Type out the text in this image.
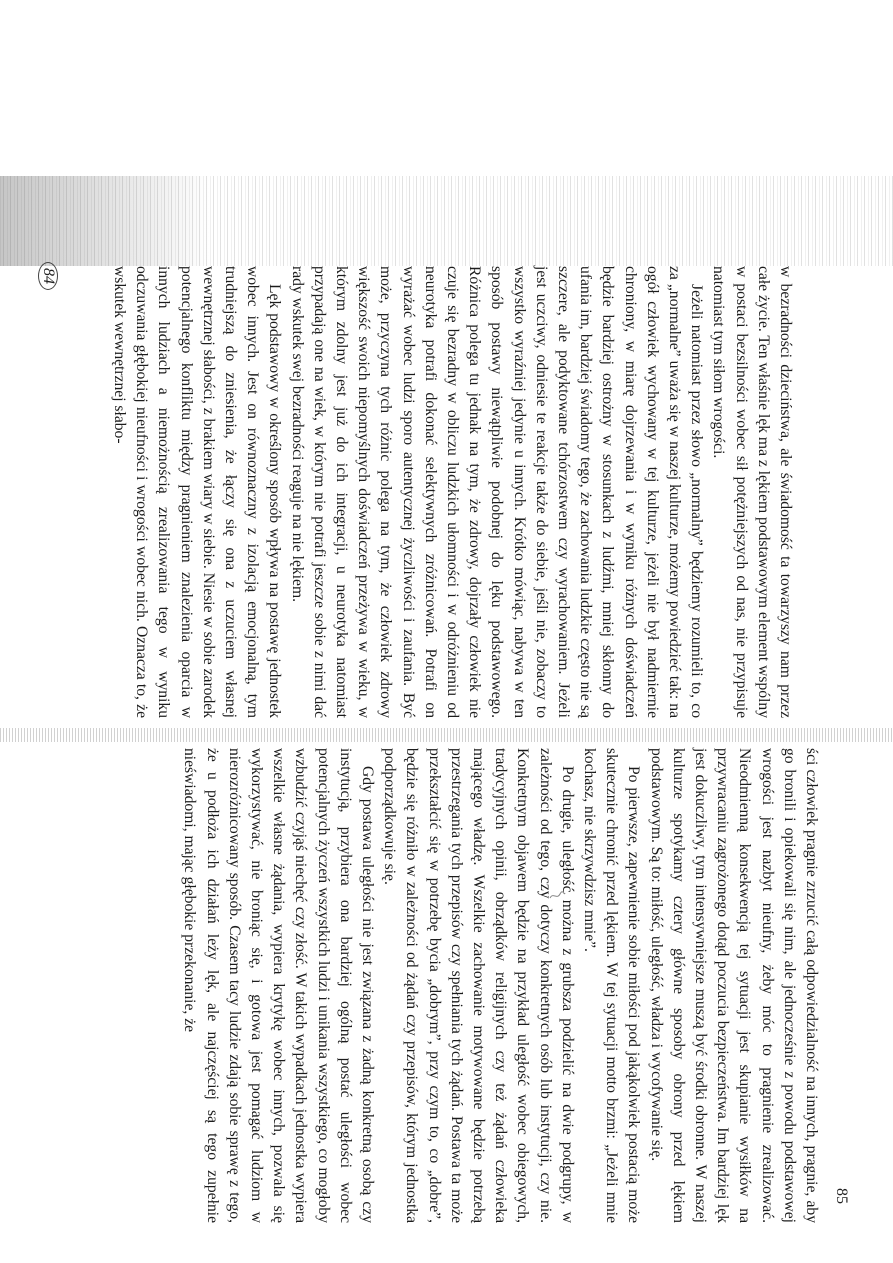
w bezradności dzieciństwa, ale świadomość ta towarzyszy nam przez całe życie. Ten właśnie lęk ma z lękiem podstawowym element wspólny w postaci bezsilności wobec sił potężniejszych od nas, nie przypisuje natomiast tym siłom wrogości.

Jeżeli natomiast przez słowo „normalny” będziemy rozumieli to, co za „normalne” uważa się w naszej kulturze, możemy powiedzieć tak: na ogół człowiek wychowany w tej kulturze, jeżeli nie był nadmiernie chroniony, w miarę dojrzewania i w wyniku różnych doświadczeń będzie bardziej ostrożny w stosunkach z ludźmi, mniej skłonny do ufania im, bardziej świadomy tego, że zachowania ludzkie często nie są szczere, ale podyktowane tchórzostwem czy wyrachowaniem. Jeżeli jest uczciwy, odniesie te reakcje także do siebie, jeśli nie, zobaczy to wszystko wyraźniej jedynie u innych. Krótko mówiąc, nabywa w ten sposób postawy niewątpliwie podobnej do lęku podstawowego. Różnica polega tu jednak na tym, że zdrowy, dojrzały człowiek nie czuje się bezradny w obliczu ludzkich ułomności i w odróżnieniu od neurotyka potrafi dokonać selektywnych zróżnicowań. Potrafi on wyrażać wobec ludzi sporo autentycznej życzliwości i zaufania. Być może, przyczyna tych różnic polega na tym, że człowiek zdrowy większość swoich niepomyślnych doświadczeń przeżywa w wieku, w którym zdolny jest już do ich integracji, u neurotyka natomiast przypadają one na wiek, w którym nie potrafi jeszcze sobie z nimi dać rady wskutek swej bezradności reaguje na nie lękiem.

Lęk podstawowy w określony sposób wpływa na postawę jednostek wobec innych. Jest on równoznaczny z izolacją emocjonalną, tym trudniejszą do zniesienia, że łączy się ona z uczuciem własnej wewnętrznej słabości, z brakiem wiary w siebie. Niesie w sobie zarodek potencjalnego konfliktu między pragnieniem znalezienia oparcia w innych ludziach a niemożnością zrealizowania tego w wyniku odczuwania głębokiej nieufności i wrogości wobec nich. Oznacza to, że wskutek wewnętrznej słabo-

ści człowiek pragnie zrzucić całą odpowiedzialność na innych, pragnie, aby go bronili i opiekowali się nim, ale jednocześnie z powodu podstawowej wrogości jest nazbyt nieufny, żeby móc to pragnienie zrealizować. Nieodmienną konsekwencją tej sytuacji jest skupianie wysiłków na przywracaniu zagrożonego dotąd poczucia bezpieczeństwa. Im bardziej lęk jest dokuczliwy, tym intensywniejsze muszą być środki obronne. W naszej kulturze spotykamy cztery główne sposoby obrony przed lękiem podstawowym. Są to: miłość, uległość, władza i wycofywanie się.

Po pierwsze, zapewnienie sobie miłości pod jakąkolwiek postacią może skutecznie chronić przed lękiem. W tej sytuacji motto brzmi: „Jeżeli mnie kochasz, nie skrzywdzisz mnie”.

Po drugie, uległość można z grubsza podzielić na dwie podgrupy, w zależności od tego, czy dotyczy konkretnych osób lub instytucji, czy nie. Konkretnym objawem będzie na przykład uległość wobec obiegowych, tradycyjnych opinii, obrządków religijnych czy też żądań człowieka mającego władzę. Wszelkie zachowanie motywowane będzie potrzebą przestrzegania tych przepisów czy spełniania tych żądań. Postawa ta może przekształcić się w potrzebę bycia „dobrym”, przy czym to, co „dobre”, będzie się różniło w zależności od żądań czy przepisów, którym jednostka podporządkowuje się.

Gdy postawa uległości nie jest związana z żadną konkretną osobą czy instytucją, przybiera ona bardziej ogólną postać uległości wobec potencjalnych życzeń wszystkich ludzi i unikania wszystkiego, co mogłoby wzbudzić czyjąś niechęć czy złość. W takich wypadkach jednostka wypiera wszelkie własne żądania, wypiera krytykę wobec innych, pozwala się wykorzystywać, nie broniąc się, i gotowa jest pomagać ludziom w nierozróżnicowany sposób. Czasem tacy ludzie zdają sobie sprawę z tego, że u podłoża ich działań leży lęk, ale najczęściej są tego zupełnie nieświadomi, mając głębokie przekonanie, że

84
85
